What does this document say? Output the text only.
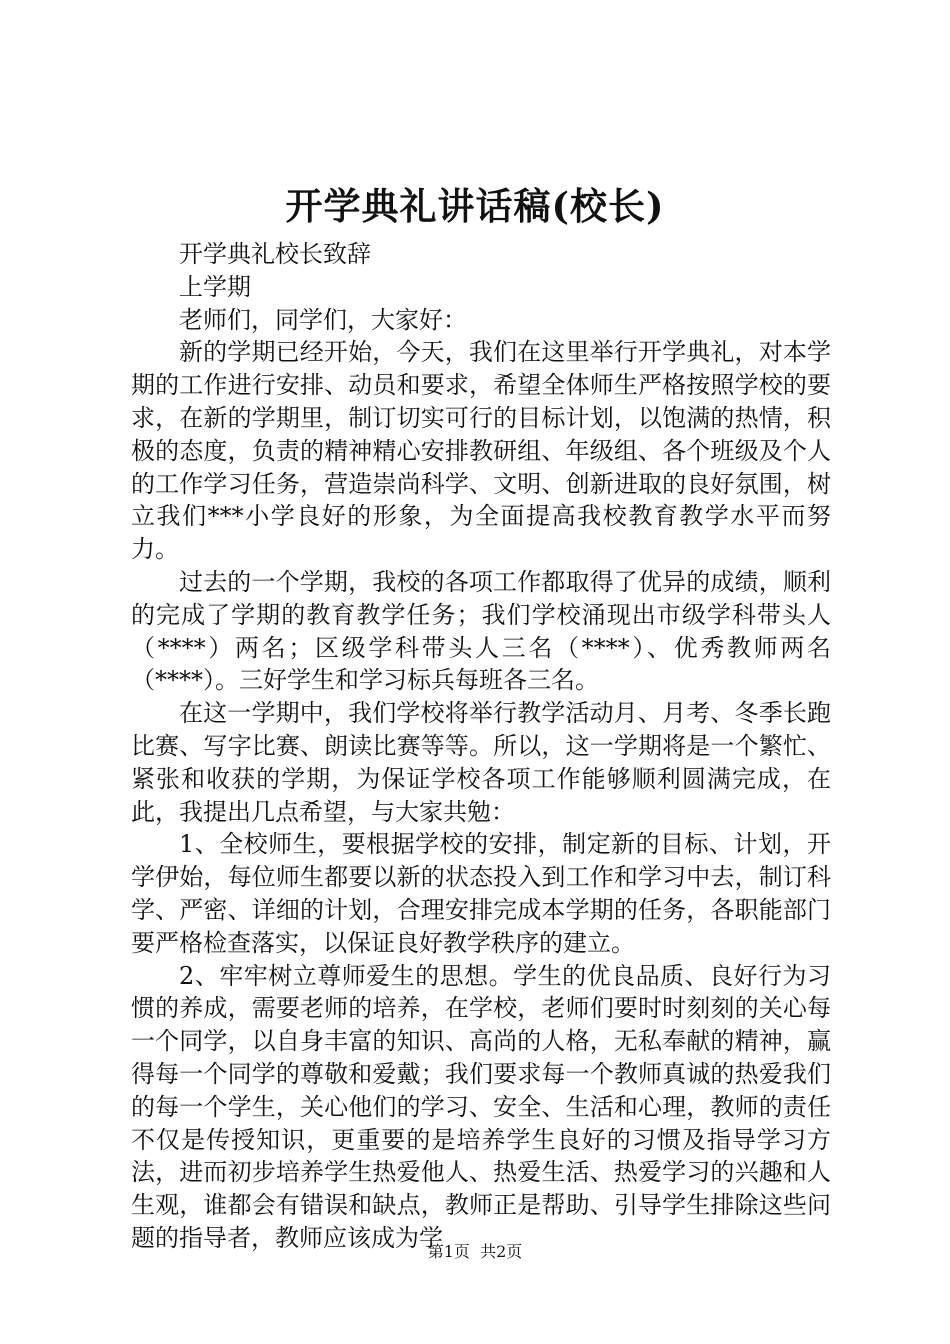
开学典礼讲话稿(校长)

开学典礼校长致辞

上学期

老师们，同学们，大家好：

新的学期已经开始，今天，我们在这里举行开学典礼，对本学期的工作进行安排、动员和要求，希望全体师生严格按照学校的要求，在新的学期里，制订切实可行的目标计划，以饱满的热情，积极的态度，负责的精神精心安排教研组、年级组、各个班级及个人的工作学习任务，营造崇尚科学、文明、创新进取的良好氛围，树立我们***小学良好的形象，为全面提高我校教育教学水平而努力。

过去的一个学期，我校的各项工作都取得了优异的成绩，顺利的完成了学期的教育教学任务；我们学校涌现出市级学科带头人（****）两名；区级学科带头人三名（****）、优秀教师两名（****）。三好学生和学习标兵每班各三名。

在这一学期中，我们学校将举行教学活动月、月考、冬季长跑比赛、写字比赛、朗读比赛等等。所以，这一学期将是一个繁忙、紧张和收获的学期，为保证学校各项工作能够顺利圆满完成，在此，我提出几点希望，与大家共勉：

1、全校师生，要根据学校的安排，制定新的目标、计划，开学伊始，每位师生都要以新的状态投入到工作和学习中去，制订科学、严密、详细的计划，合理安排完成本学期的任务，各职能部门要严格检查落实，以保证良好教学秩序的建立。

2、牢牢树立尊师爱生的思想。学生的优良品质、良好行为习惯的养成，需要老师的培养，在学校，老师们要时时刻刻的关心每一个同学，以自身丰富的知识、高尚的人格，无私奉献的精神，赢得每一个同学的尊敬和爱戴；我们要求每一个教师真诚的热爱我们的每一个学生，关心他们的学习、安全、生活和心理，教师的责任不仅是传授知识，更重要的是培养学生良好的习惯及指导学习方法，进而初步培养学生热爱他人、热爱生活、热爱学习的兴趣和人生观，谁都会有错误和缺点，教师正是帮助、引导学生排除这些问题的指导者，教师应该成为学

第1页 共2页
